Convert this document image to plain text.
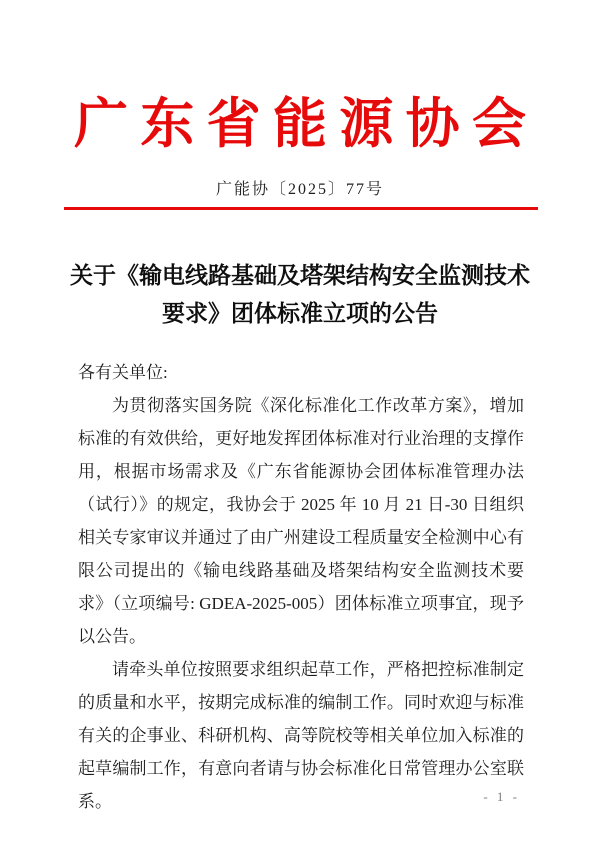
广东省能源协会
广能协〔2025〕77号
关于《输电线路基础及塔架结构安全监测技术
要求》团体标准立项的公告

各有关单位:

为贯彻落实国务院《深化标准化工作改革方案》，增加标准的有效供给，更好地发挥团体标准对行业治理的支撑作用，根据市场需求及《广东省能源协会团体标准管理办法（试行）》的规定，我协会于 2025 年 10 月 21 日-30 日组织相关专家审议并通过了由广州建设工程质量安全检测中心有限公司提出的《输电线路基础及塔架结构安全监测技术要求》（立项编号: GDEA-2025-005）团体标准立项事宜，现予以公告。

请牵头单位按照要求组织起草工作，严格把控标准制定的质量和水平，按期完成标准的编制工作。同时欢迎与标准有关的企事业、科研机构、高等院校等相关单位加入标准的起草编制工作，有意向者请与协会标准化日常管理办公室联系。	- 1 -
